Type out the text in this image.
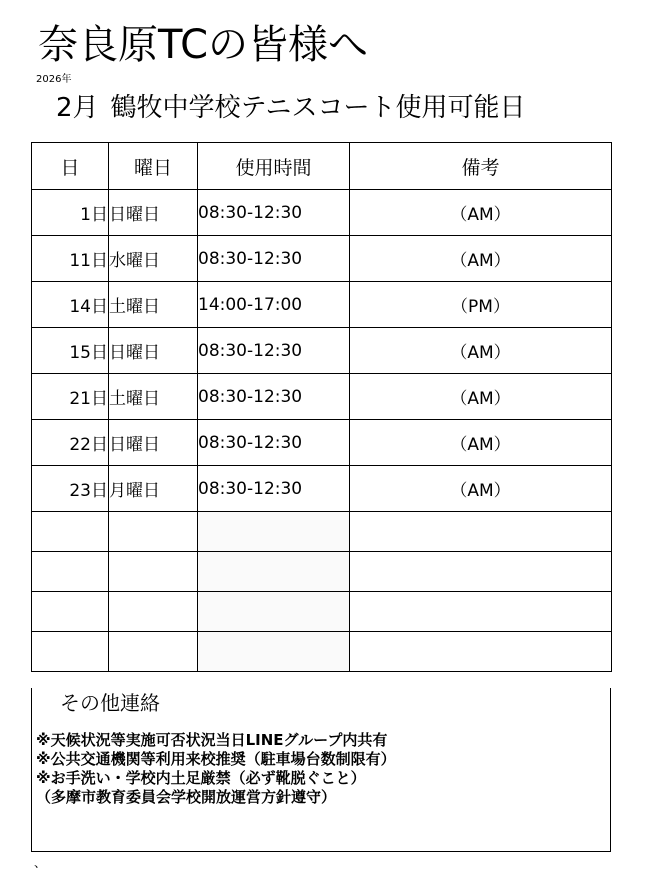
奈良原TCの皆様へ
2026年
2月 鶴牧中学校テニスコート使用可能日
日	曜日	使用時間	備考
1日	日曜日	08:30-12:30	（AM）
11日	水曜日	08:30-12:30	（AM）
14日	土曜日	14:00-17:00	（PM）
15日	日曜日	08:30-12:30	（AM）
21日	土曜日	08:30-12:30	（AM）
22日	日曜日	08:30-12:30	（AM）
23日	月曜日	08:30-12:30	（AM）

その他連絡
※天候状況等実施可否状況当日LINEグループ内共有
※公共交通機関等利用来校推奨（駐車場台数制限有）
※お手洗い・学校内土足厳禁（必ず靴脱ぐこと）
（多摩市教育委員会学校開放運営方針遵守）
、
